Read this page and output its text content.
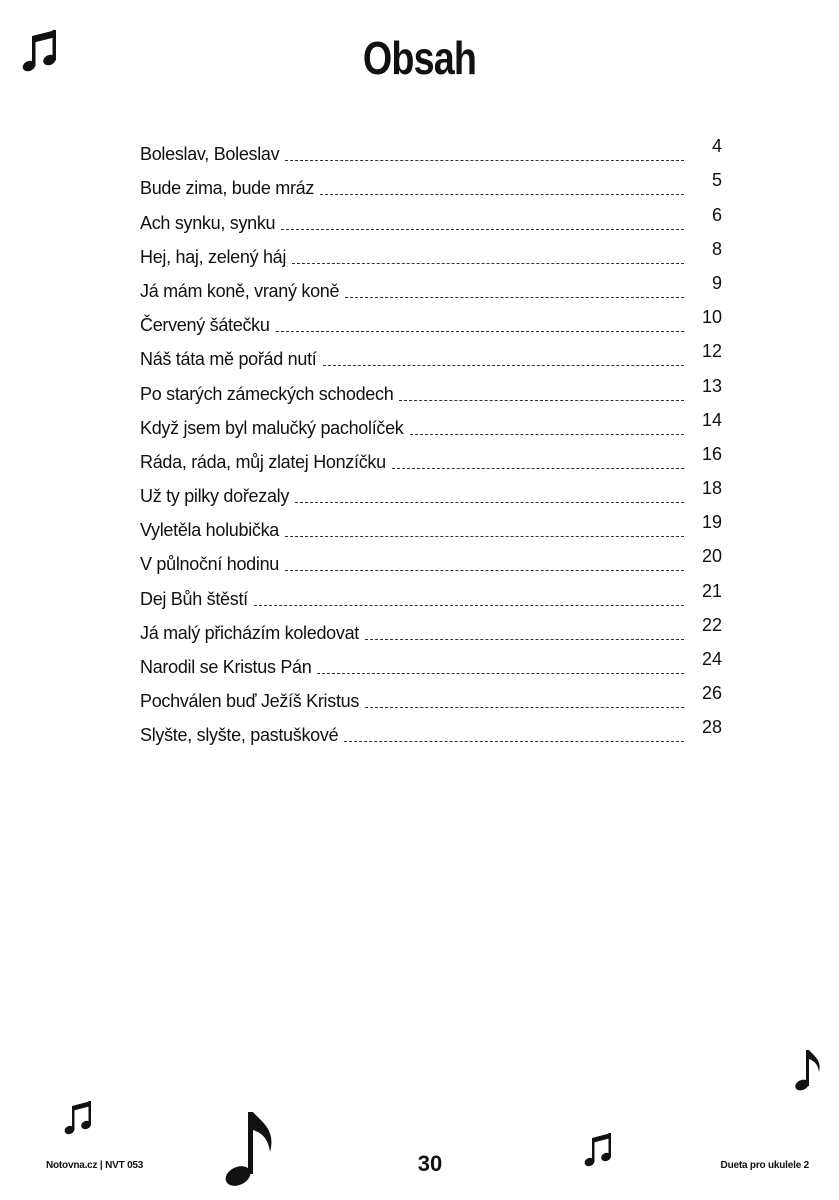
Obsah
Boleslav, Boleslav	4
Bude zima, bude mráz	5
Ach synku, synku	6
Hej, haj, zelený háj	8
Já mám koně, vraný koně	9
Červený šátečku	10
Náš táta mě pořád nutí	12
Po starých zámeckých schodech	13
Když jsem byl malučký pacholíček	14
Ráda, ráda, můj zlatej Honzíčku	16
Už ty pilky dořezaly	18
Vyletěla holubička	19
V půlnoční hodinu	20
Dej Bůh štěstí	21
Já malý přicházím koledovat	22
Narodil se Kristus Pán	24
Pochválen buď Ježíš Kristus	26
Slyšte, slyšte, pastuškové	28
Notovna.cz | NVT 053	30	Dueta pro ukulele 2
